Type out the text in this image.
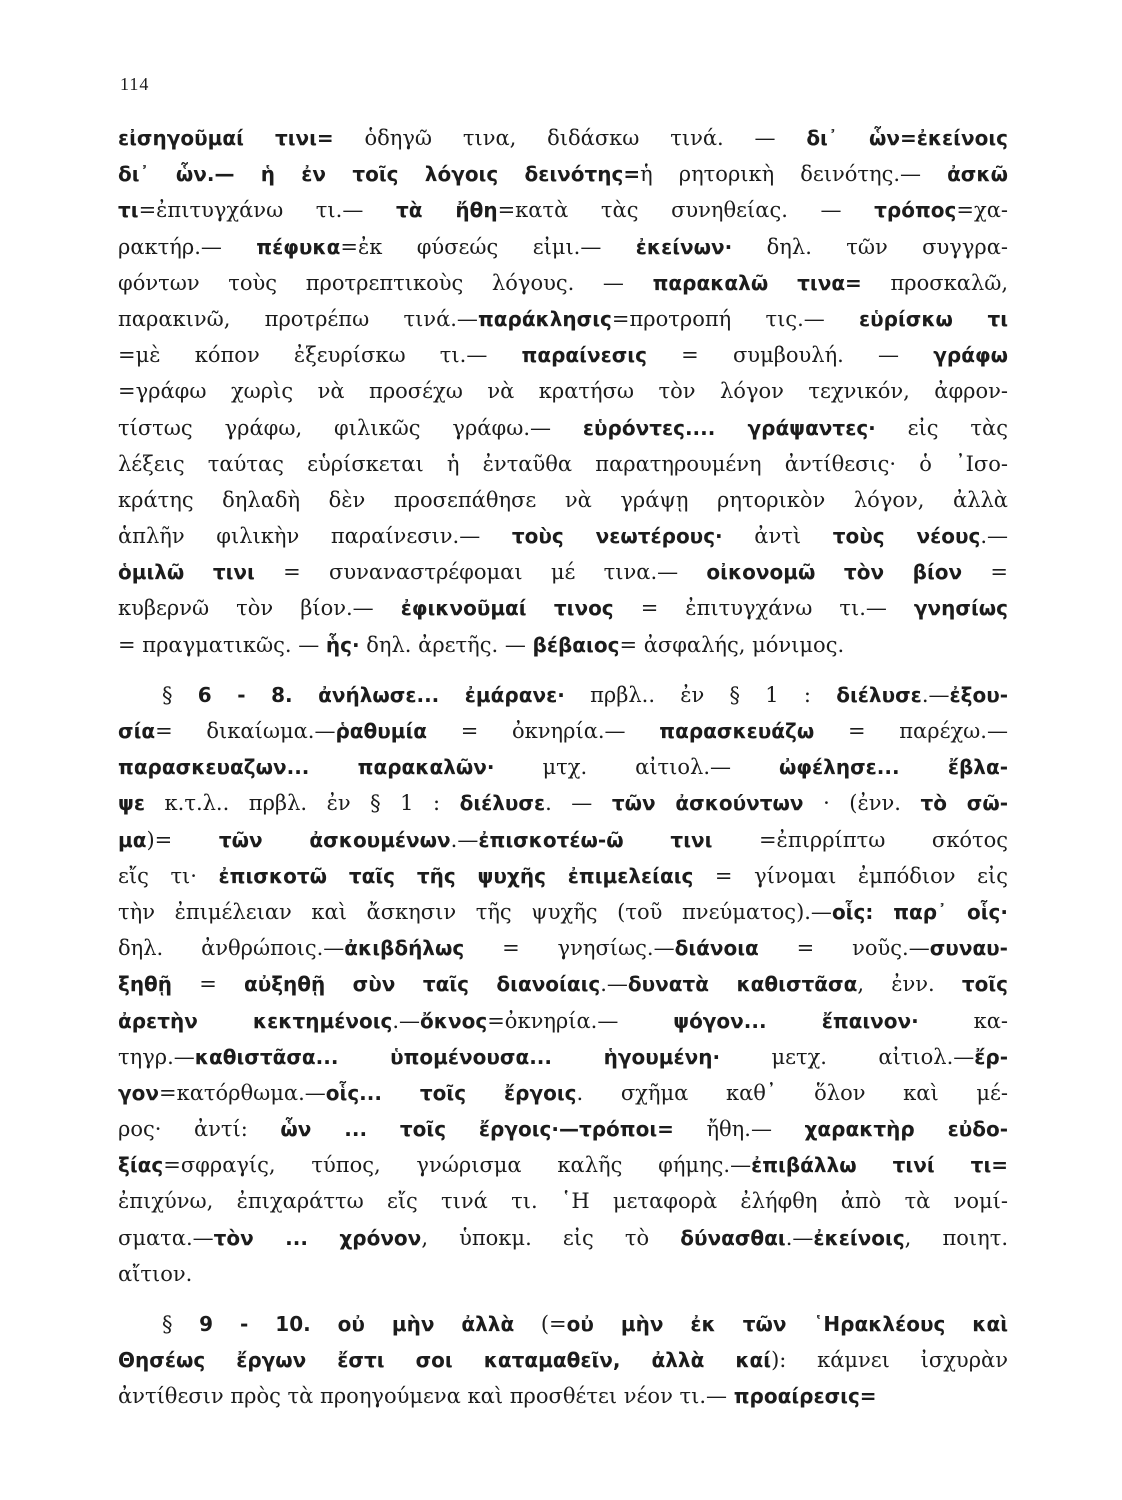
114
εἰσηγοῦμαί τινι= ὁδηγῶ τινα, διδάσκω τινά. — δι᾽ ὧν=ἐκείνοις
δι᾽ ὧν.— ἡ ἐν τοῖς λόγοις δεινότης=ἡ ρητορικὴ δεινότης.— ἀσκῶ
τι=ἐπιτυγχάνω τι.— τὰ ἤθη=κατὰ τὰς συνηθείας. — τρόπος=χα-
ρακτήρ.— πέφυκα=ἐκ φύσεώς εἰμι.— ἐκείνων· δηλ. τῶν συγγρα-
φόντων τοὺς προτρεπτικοὺς λόγους. — παρακαλῶ τινα= προσκαλῶ,
παρακινῶ, προτρέπω τινά.—παράκλησις=προτροπή τις.— εὑρίσκω τι
=μὲ κόπον ἐξευρίσκω τι.— παραίνεσις = συμβουλή. — γράφω
=γράφω χωρὶς νὰ προσέχω νὰ κρατήσω τὸν λόγον τεχνικόν, ἀφρον-
τίστως γράφω, φιλικῶς γράφω.— εὑρόντες.... γράψαντες· εἰς τὰς
λέξεις ταύτας εὑρίσκεται ἡ ἐνταῦθα παρατηρουμένη ἀντίθεσις· ὁ ᾿Ισο-
κράτης δηλαδὴ δὲν προσεπάθησε νὰ γράψῃ ρητορικὸν λόγον, ἀλλὰ
ἁπλῆν φιλικὴν παραίνεσιν.— τοὺς νεωτέρους· ἀντὶ τοὺς νέους.—
ὁμιλῶ τινι = συναναστρέφομαι μέ τινα.— οἰκονομῶ τὸν βίον =
κυβερνῶ τὸν βίον.— ἐφικνοῦμαί τινος = ἐπιτυγχάνω τι.— γνησίως
= πραγματικῶς. — ἧς· δηλ. ἀρετῆς. — βέβαιος= ἀσφαλής, μόνιμος.
§ 6 - 8. ἀνήλωσε... ἐμάρανε· πρβλ.. ἐν § 1 : διέλυσε.—ἐξου-
σία= δικαίωμα.—ῥαθυμία = ὀκνηρία.— παρασκευάζω = παρέχω.—
παρασκευαζων... παρακαλῶν· μτχ. αἰτιολ.— ὠφέλησε... ἔβλα-
ψε κ.τ.λ.. πρβλ. ἐν § 1 : διέλυσε. — τῶν ἀσκούντων · (ἐνν. τὸ σῶ-
μα)= τῶν ἀσκουμένων.—ἐπισκοτέω-ῶ τινι =ἐπιρρίπτω σκότος
εἴς τι· ἐπισκοτῶ ταῖς τῆς ψυχῆς ἐπιμελείαις = γίνομαι ἐμπόδιον εἰς
τὴν ἐπιμέλειαν καὶ ἄσκησιν τῆς ψυχῆς (τοῦ πνεύματος).—οἷς: παρ᾽ οἷς·
δηλ. ἀνθρώποις.—ἀκιβδήλως = γνησίως.—διάνοια = νοῦς.—συναυ-
ξηθῇ = αὐξηθῇ σὺν ταῖς διανοίαις.—δυνατὰ καθιστᾶσα, ἐνν. τοῖς
ἀρετὴν κεκτημένοις.—ὄκνος=ὀκνηρία.— ψόγον... ἔπαινον· κα-
τηγρ.—καθιστᾶσα... ὑπομένουσα... ἡγουμένη· μετχ. αἰτιολ.—ἔρ-
γον=κατόρθωμα.—οἷς... τοῖς ἔργοις. σχῆμα καθ᾽ ὅλον καὶ μέ-
ρος· ἀντί: ὧν ... τοῖς ἔργοις·—τρόποι= ἤθη.— χαρακτὴρ εὐδο-
ξίας=σφραγίς, τύπος, γνώρισμα καλῆς φήμης.—ἐπιβάλλω τινί τι=
ἐπιχύνω, ἐπιχαράττω εἴς τινά τι. ῾Η μεταφορὰ ἐλήφθη ἀπὸ τὰ νομί-
σματα.—τὸν ... χρόνον, ὑποκμ. εἰς τὸ δύνασθαι.—ἐκείνοις, ποιητ.
αἴτιον.
§ 9 - 10. οὐ μὴν ἀλλὰ (=οὐ μὴν ἐκ τῶν ῾Ηρακλέους καὶ
Θησέως ἔργων ἔστι σοι καταμαθεῖν, ἀλλὰ καί): κάμνει ἰσχυρὰν
ἀντίθεσιν πρὸς τὰ προηγούμενα καὶ προσθέτει νέον τι.— προαίρεσις=
